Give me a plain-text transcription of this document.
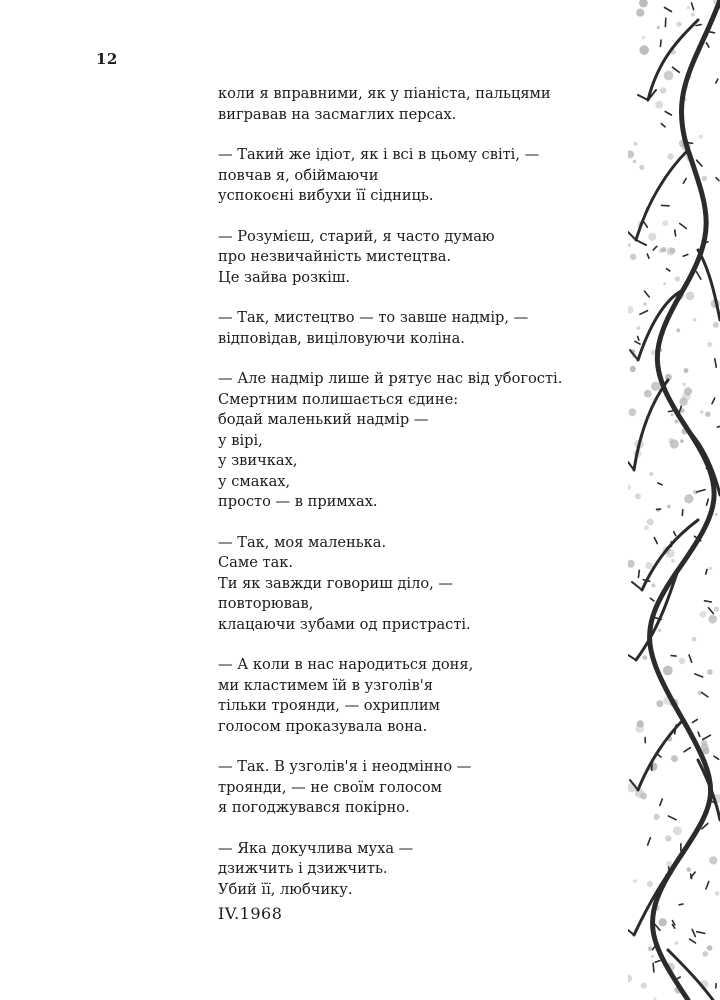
12
коли я вправними, як у піаніста, пальцями
вигравав на засмаглих персах.
— Такий же ідіот, як і всі в цьому світі, —
повчав я, обіймаючи
успокоєні вибухи її сідниць.
— Розумієш, старий, я часто думаю
про незвичайність мистецтва.
Це зайва розкіш.
— Так, мистецтво — то завше надмір, —
відповідав, виціловуючи коліна.
— Але надмір лише й рятує нас від убогості.
Смертним полишається єдине:
бодай маленький надмір —
у вірі,
у звичках,
у смаках,
просто — в примхах.
— Так, моя маленька.
Саме так.
Ти як завжди говориш діло, —
повторював,
клацаючи зубами од пристрасті.
— А коли в нас народиться доня,
ми кластимем їй в узголів'я
тільки троянди, — охриплим
голосом проказувала вона.
— Так. В узголів'я і неодмінно —
троянди, — не своїм голосом
я погоджувався покірно.
— Яка докучлива муха —
дзижчить і дзижчить.
Убий її, любчику.
IV.1968
